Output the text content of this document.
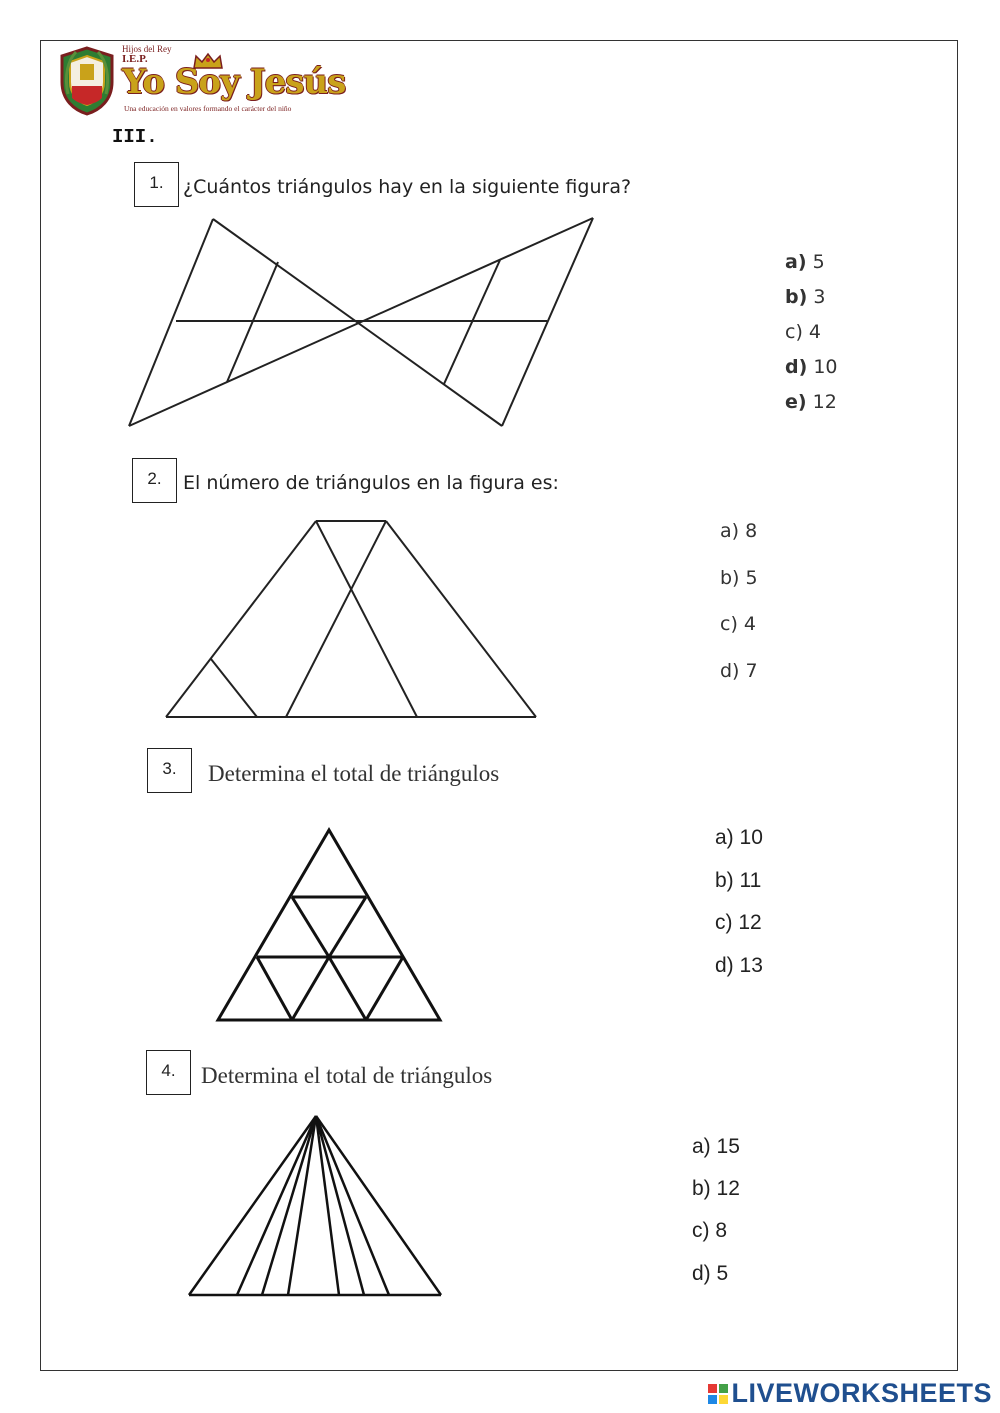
Hijos del Rey
I.E.P.
Yo Soy Jesús
Una educación en valores formando el carácter del niño
III.
1.	¿Cuántos triángulos hay en la siguiente figura?
a) 5
b) 3
c) 4
d) 10
e) 12
2.	El número de triángulos en la figura es:
a) 8
b) 5
c) 4
d) 7
3.	Determina el total de triángulos
a) 10
b) 11
c) 12
d) 13
4.	Determina el total de triángulos
a) 15
b) 12
c) 8
d) 5
LIVEWORKSHEETS
